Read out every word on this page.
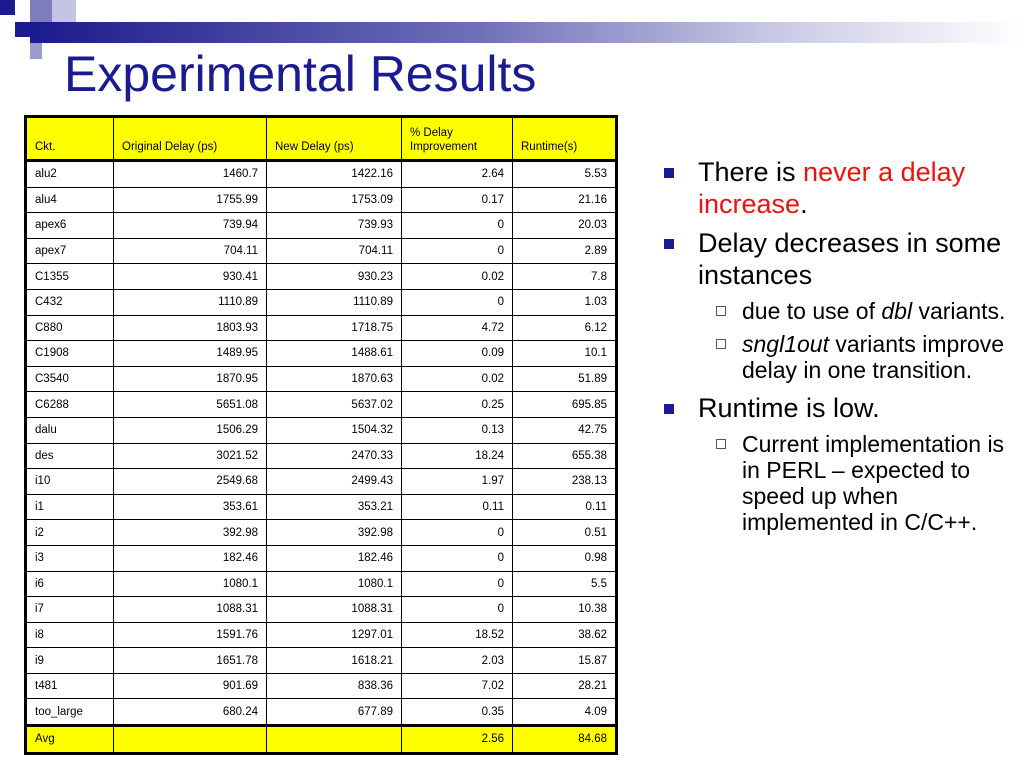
Experimental Results
Ckt.	Original Delay (ps)	New Delay (ps)	% Delay Improvement	Runtime(s)
alu2	1460.7	1422.16	2.64	5.53
alu4	1755.99	1753.09	0.17	21.16
apex6	739.94	739.93	0	20.03
apex7	704.11	704.11	0	2.89
C1355	930.41	930.23	0.02	7.8
C432	1110.89	1110.89	0	1.03
C880	1803.93	1718.75	4.72	6.12
C1908	1489.95	1488.61	0.09	10.1
C3540	1870.95	1870.63	0.02	51.89
C6288	5651.08	5637.02	0.25	695.85
dalu	1506.29	1504.32	0.13	42.75
des	3021.52	2470.33	18.24	655.38
i10	2549.68	2499.43	1.97	238.13
i1	353.61	353.21	0.11	0.11
i2	392.98	392.98	0	0.51
i3	182.46	182.46	0	0.98
i6	1080.1	1080.1	0	5.5
i7	1088.31	1088.31	0	10.38
i8	1591.76	1297.01	18.52	38.62
i9	1651.78	1618.21	2.03	15.87
t481	901.69	838.36	7.02	28.21
too_large	680.24	677.89	0.35	4.09
Avg			2.56	84.68
There is never a delay increase.
Delay decreases in some instances
due to use of dbl variants.
sngl1out variants improve delay in one transition.
Runtime is low.
Current implementation is in PERL – expected to speed up when implemented in C/C++.
